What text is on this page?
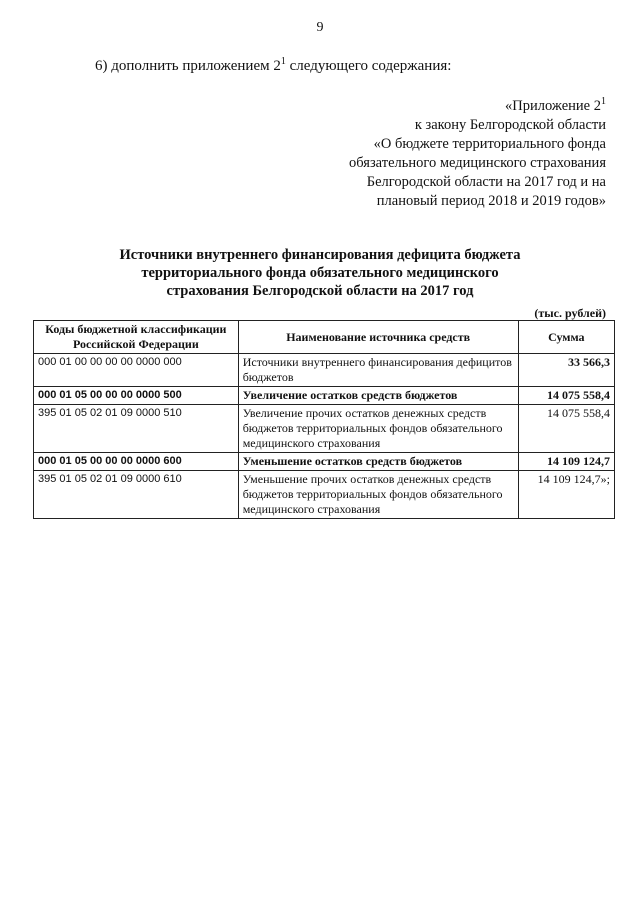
9
6) дополнить приложением $2^1$ следующего содержания:
«Приложение $2^1$
к закону Белгородской области
«О бюджете территориального фонда
обязательного медицинского страхования
Белгородской области на 2017 год и на
плановый период 2018 и 2019 годов»
Источники внутреннего финансирования дефицита бюджета
территориального фонда обязательного медицинского
страхования Белгородской области на 2017 год
(тыс. рублей)
Коды бюджетной классификации Российской Федерации	Наименование источника средств	Сумма
000 01 00 00 00 00 0000 000	Источники внутреннего финансирования дефицитов бюджетов	33 566,3
000 01 05 00 00 00 0000 500	Увеличение остатков средств бюджетов	14 075 558,4
395 01 05 02 01 09 0000 510	Увеличение прочих остатков денежных средств бюджетов территориальных фондов обязательного медицинского страхования	14 075 558,4
000 01 05 00 00 00 0000 600	Уменьшение остатков средств бюджетов	14 109 124,7
395 01 05 02 01 09 0000 610	Уменьшение прочих остатков денежных средств бюджетов территориальных фондов обязательного медицинского страхования	14 109 124,7»;
